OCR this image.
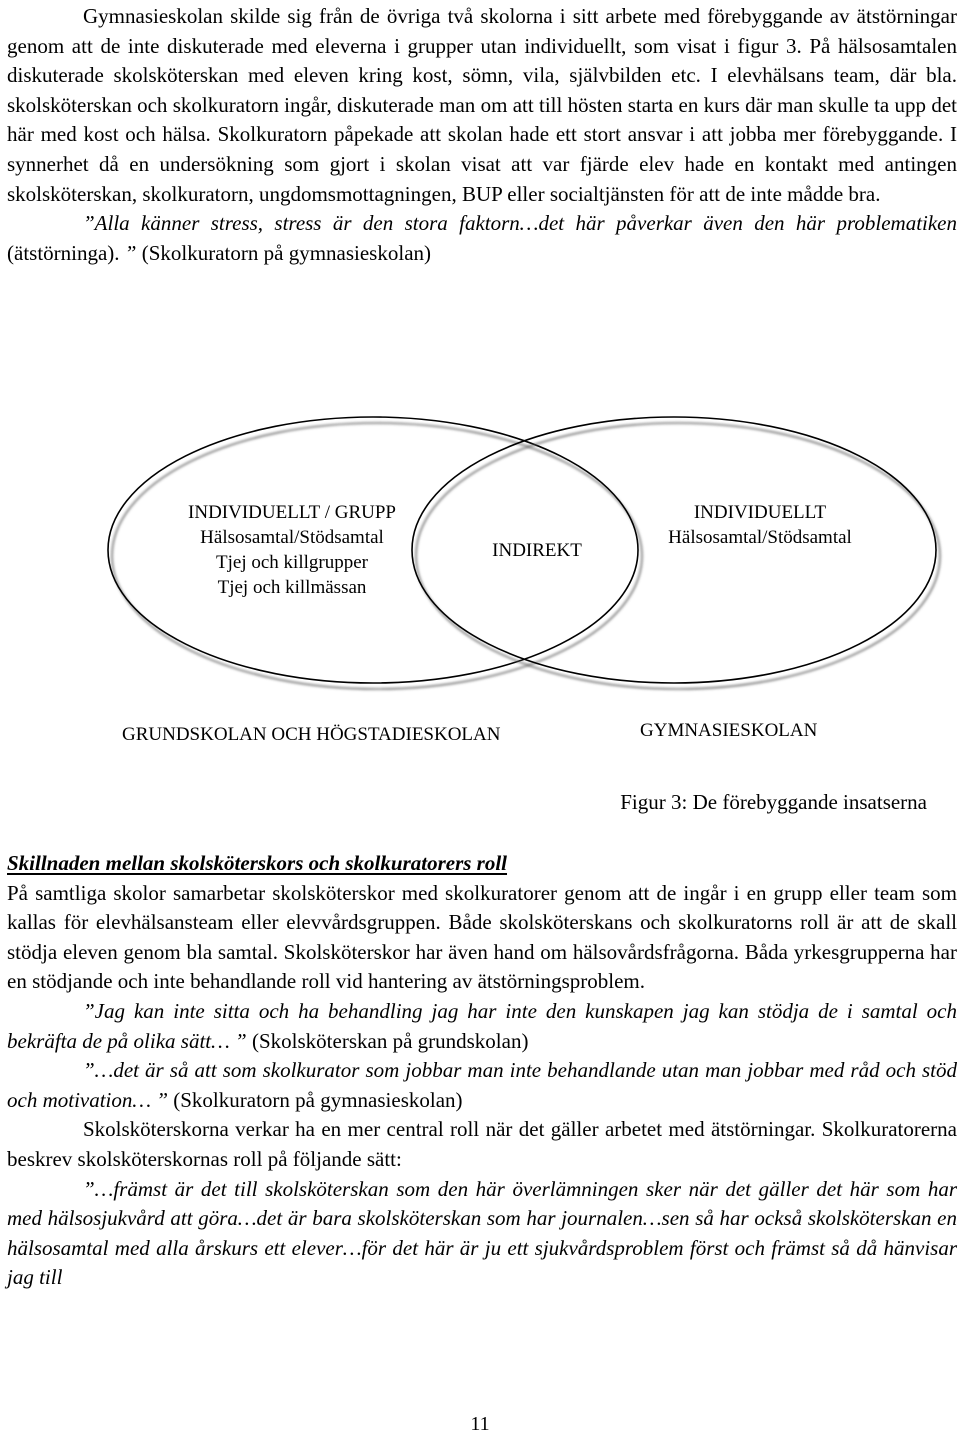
Gymnasieskolan skilde sig från de övriga två skolorna i sitt arbete med förebyggande av ätstörningar genom att de inte diskuterade med eleverna i grupper utan individuellt, som visat i figur 3. På hälsosamtalen diskuterade skolsköterskan med eleven kring kost, sömn, vila, självbilden etc. I elevhälsans team, där bla. skolsköterskan och skolkuratorn ingår, diskuterade man om att till hösten starta en kurs där man skulle ta upp det här med kost och hälsa. Skolkuratorn påpekade att skolan hade ett stort ansvar i att jobba mer förebyggande. I synnerhet då en undersökning som gjort i skolan visat att var fjärde elev hade en kontakt med antingen skolsköterskan, skolkuratorn, ungdomsmottagningen, BUP eller socialtjänsten för att de inte mådde bra.

”Alla känner stress, stress är den stora faktorn…det här påverkar även den här problematiken (ätstörninga). ” (Skolkuratorn på gymnasieskolan)

INDIVIDUELLT / GRUPP
Hälsosamtal/Stödsamtal
Tjej och killgrupper
Tjej och killmässan
INDIREKT
INDIVIDUELLT
Hälsosamtal/Stödsamtal
GRUNDSKOLAN OCH HÖGSTADIESKOLAN	GYMNASIESKOLAN
Figur 3: De förebyggande insatserna

Skillnaden mellan skolsköterskors och skolkuratorers roll

På samtliga skolor samarbetar skolsköterskor med skolkuratorer genom att de ingår i en grupp eller team som kallas för elevhälsansteam eller elevvårdsgruppen. Både skolsköterskans och skolkuratorns roll är att de skall stödja eleven genom bla samtal. Skolsköterskor har även hand om hälsovårdsfrågorna. Båda yrkesgrupperna har en stödjande och inte behandlande roll vid hantering av ätstörningsproblem.

”Jag kan inte sitta och ha behandling jag har inte den kunskapen jag kan stödja de i samtal och bekräfta de på olika sätt… ” (Skolsköterskan på grundskolan)

”…det är så att som skolkurator som jobbar man inte behandlande utan man jobbar med råd och stöd och motivation… ” (Skolkuratorn på gymnasieskolan)

Skolsköterskorna verkar ha en mer central roll när det gäller arbetet med ätstörningar. Skolkuratorerna beskrev skolsköterskornas roll på följande sätt:

”…främst är det till skolsköterskan som den här överlämningen sker när det gäller det här som har med hälsosjukvård att göra…det är bara skolsköterskan som har journalen…sen så har också skolsköterskan en hälsosamtal med alla årskurs ett elever…för det här är ju ett sjukvårdsproblem först och främst så då hänvisar jag till

11
